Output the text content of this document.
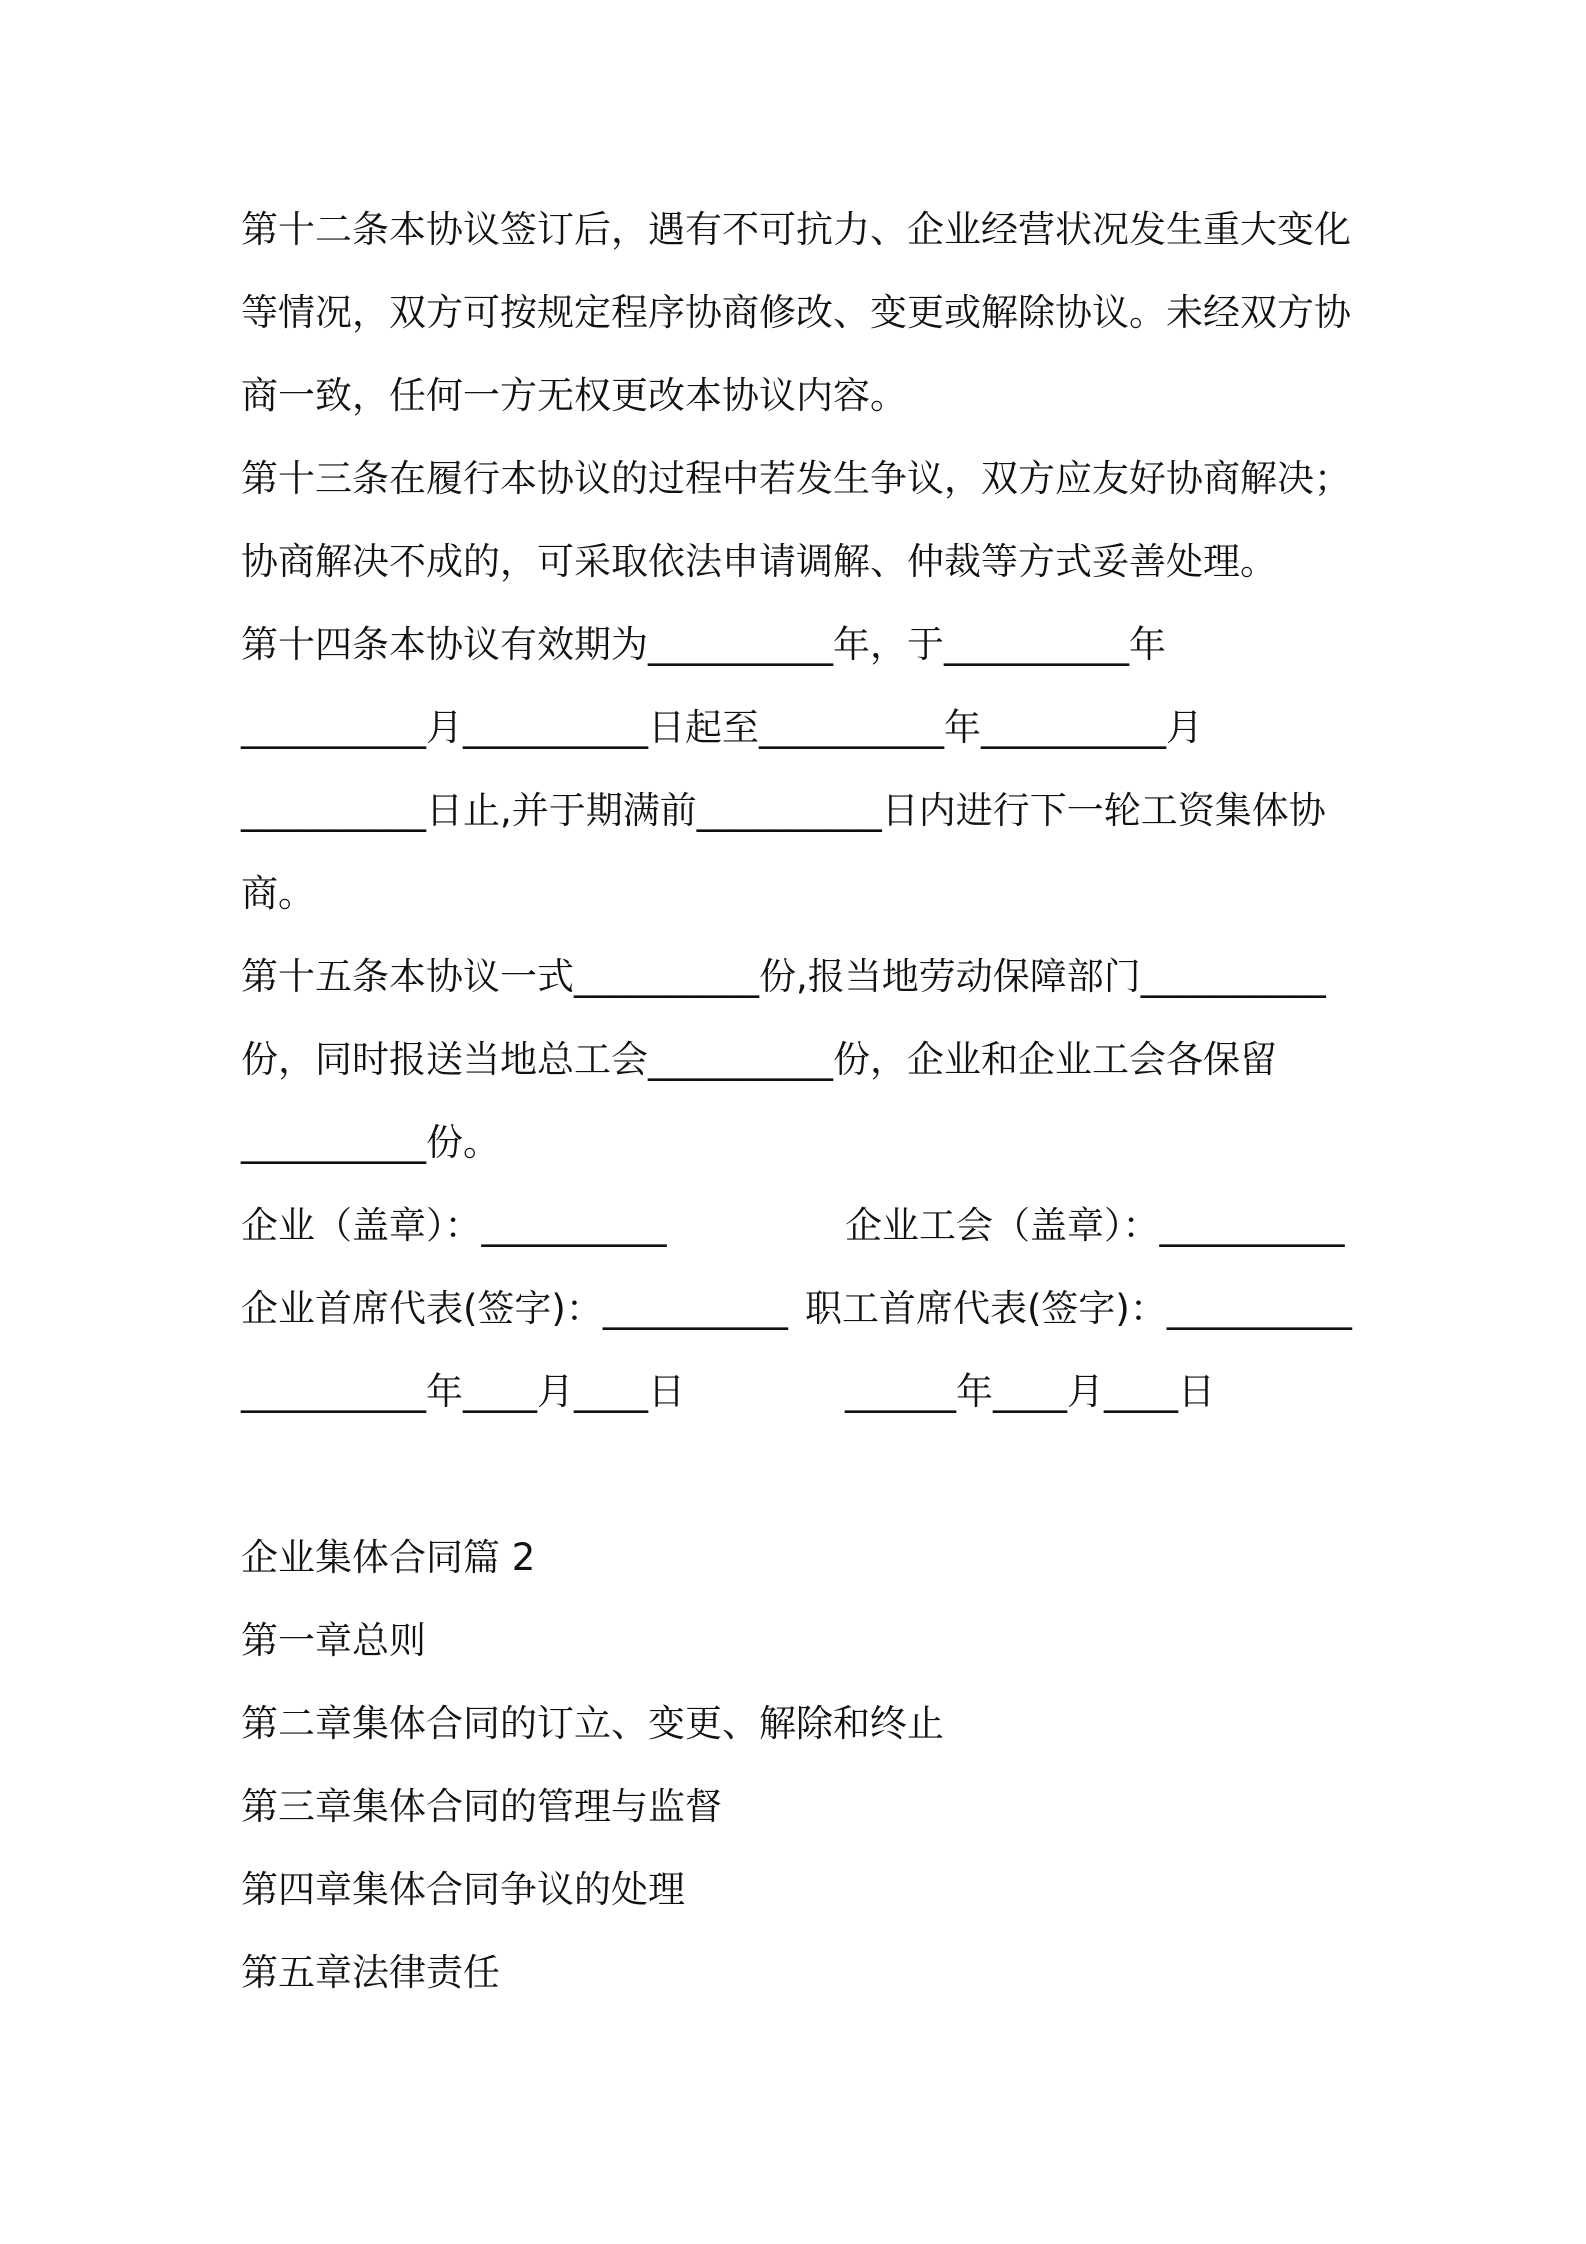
第十二条本协议签订后，遇有不可抗力、企业经营状况发生重大变化
等情况，双方可按规定程序协商修改、变更或解除协议。未经双方协
商一致，任何一方无权更改本协议内容。
第十三条在履行本协议的过程中若发生争议，双方应友好协商解决；
协商解决不成的，可采取依法申请调解、仲裁等方式妥善处理。
第十四条本协议有效期为__________年，于__________年
__________月__________日起至__________年__________月
__________日止,并于期满前__________日内进行下一轮工资集体协
商。
第十五条本协议一式__________份,报当地劳动保障部门__________
份，同时报送当地总工会__________份，企业和企业工会各保留
__________份。
企业（盖章）：__________	企业工会（盖章）：__________
企业首席代表(签字)：__________ 职工首席代表(签字)：__________
__________年____月____日	______年____月____日
企业集体合同篇 2
第一章总则
第二章集体合同的订立、变更、解除和终止
第三章集体合同的管理与监督
第四章集体合同争议的处理
第五章法律责任
